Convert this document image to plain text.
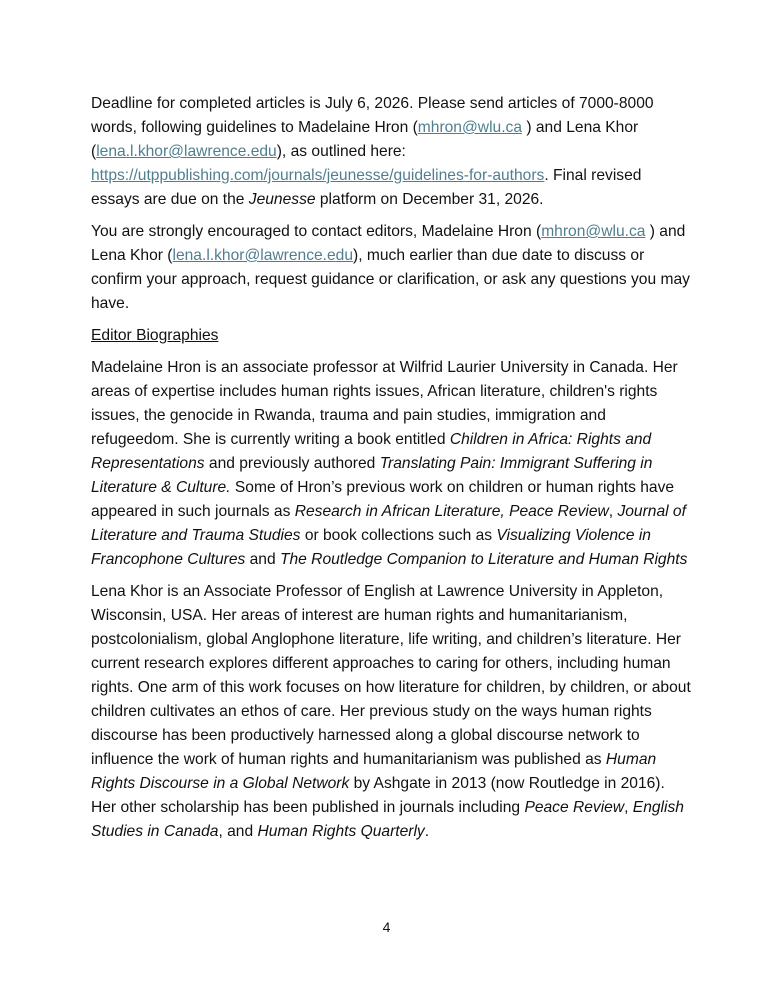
Deadline for completed articles is July 6, 2026. Please send articles of 7000-8000 words, following guidelines to Madelaine Hron (mhron@wlu.ca ) and Lena Khor (lena.l.khor@lawrence.edu), as outlined here:
https://utppublishing.com/journals/jeunesse/guidelines-for-authors. Final revised essays are due on the Jeunesse platform on December 31, 2026.

You are strongly encouraged to contact editors, Madelaine Hron (mhron@wlu.ca ) and Lena Khor (lena.l.khor@lawrence.edu), much earlier than due date to discuss or confirm your approach, request guidance or clarification, or ask any questions you may have.

Editor Biographies

Madelaine Hron is an associate professor at Wilfrid Laurier University in Canada. Her areas of expertise includes human rights issues, African literature, children's rights issues, the genocide in Rwanda, trauma and pain studies, immigration and refugeedom. She is currently writing a book entitled Children in Africa: Rights and Representations and previously authored Translating Pain: Immigrant Suffering in Literature & Culture. Some of Hron’s previous work on children or human rights have appeared in such journals as Research in African Literature, Peace Review, Journal of Literature and Trauma Studies or book collections such as Visualizing Violence in Francophone Cultures and The Routledge Companion to Literature and Human Rights

Lena Khor is an Associate Professor of English at Lawrence University in Appleton, Wisconsin, USA. Her areas of interest are human rights and humanitarianism, postcolonialism, global Anglophone literature, life writing, and children’s literature. Her current research explores different approaches to caring for others, including human rights. One arm of this work focuses on how literature for children, by children, or about children cultivates an ethos of care. Her previous study on the ways human rights discourse has been productively harnessed along a global discourse network to influence the work of human rights and humanitarianism was published as Human Rights Discourse in a Global Network by Ashgate in 2013 (now Routledge in 2016). Her other scholarship has been published in journals including Peace Review, English Studies in Canada, and Human Rights Quarterly.

4
